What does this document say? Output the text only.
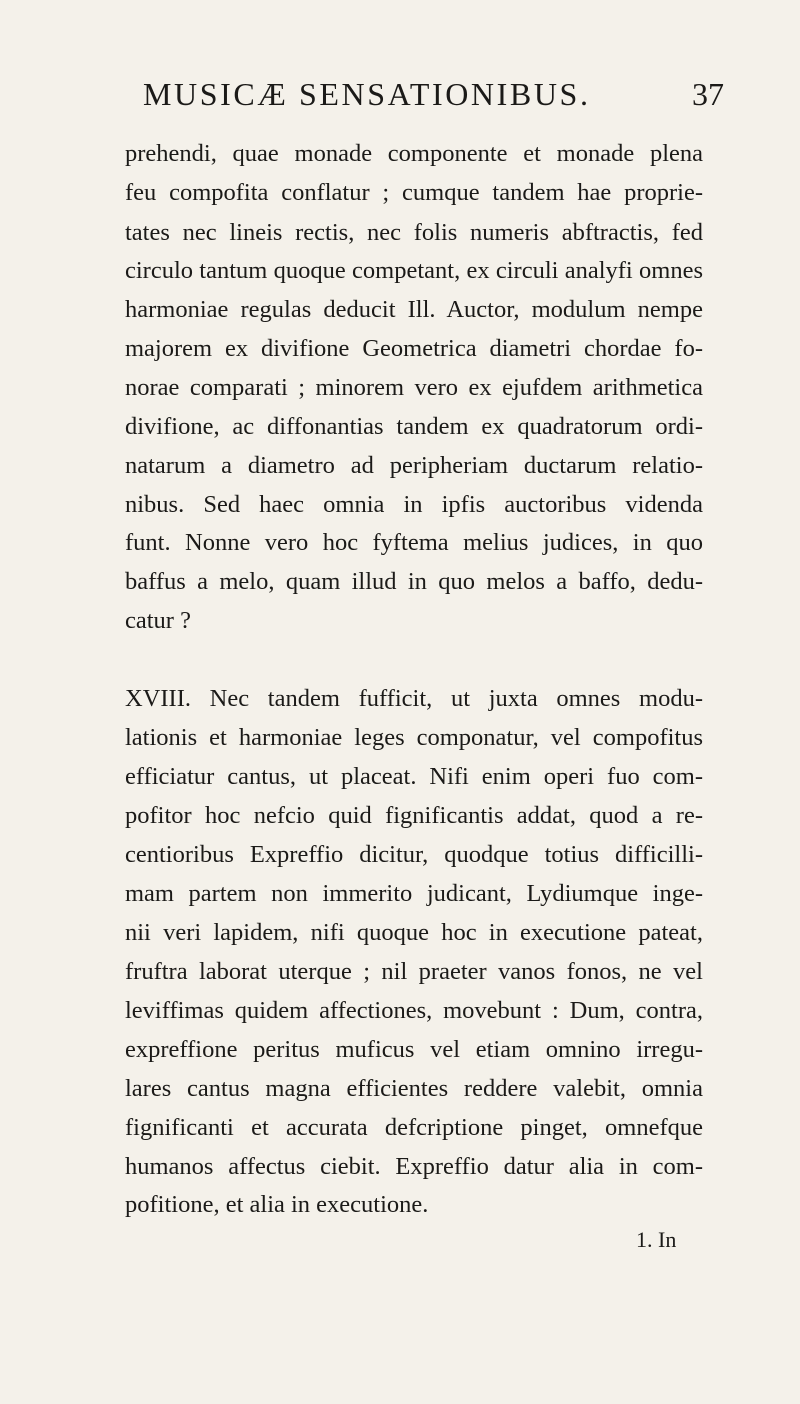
MUSICÆ SENSATIONIBUS.	37
prehendi, quae monade componente et monade plena
feu compofita conflatur ; cumque tandem hae proprie-
tates nec lineis rectis, nec folis numeris abftractis, fed
circulo tantum quoque competant, ex circuli analyfi omnes
harmoniae regulas deducit Ill. Auctor, modulum nempe
majorem ex divifione Geometrica diametri chordae fo-
norae comparati ; minorem vero ex ejufdem arithmetica
divifione, ac diffonantias tandem ex quadratorum ordi-
natarum a diametro ad peripheriam ductarum relatio-
nibus. Sed haec omnia in ipfis auctoribus videnda
funt. Nonne vero hoc fyftema melius judices, in quo
baffus a melo, quam illud in quo melos a baffo, dedu-
catur ?
XVIII. Nec tandem fufficit, ut juxta omnes modu-
lationis et harmoniae leges componatur, vel compofitus
efficiatur cantus, ut placeat. Nifi enim operi fuo com-
pofitor hoc nefcio quid fignificantis addat, quod a re-
centioribus Expreffio dicitur, quodque totius difficilli-
mam partem non immerito judicant, Lydiumque inge-
nii veri lapidem, nifi quoque hoc in executione pateat,
fruftra laborat uterque ; nil praeter vanos fonos, ne vel
leviffimas quidem affectiones, movebunt : Dum, contra,
expreffione peritus muficus vel etiam omnino irregu-
lares cantus magna efficientes reddere valebit, omnia
fignificanti et accurata defcriptione pinget, omnefque
humanos affectus ciebit. Expreffio datur alia in com-
pofitione, et alia in executione.
1. In
